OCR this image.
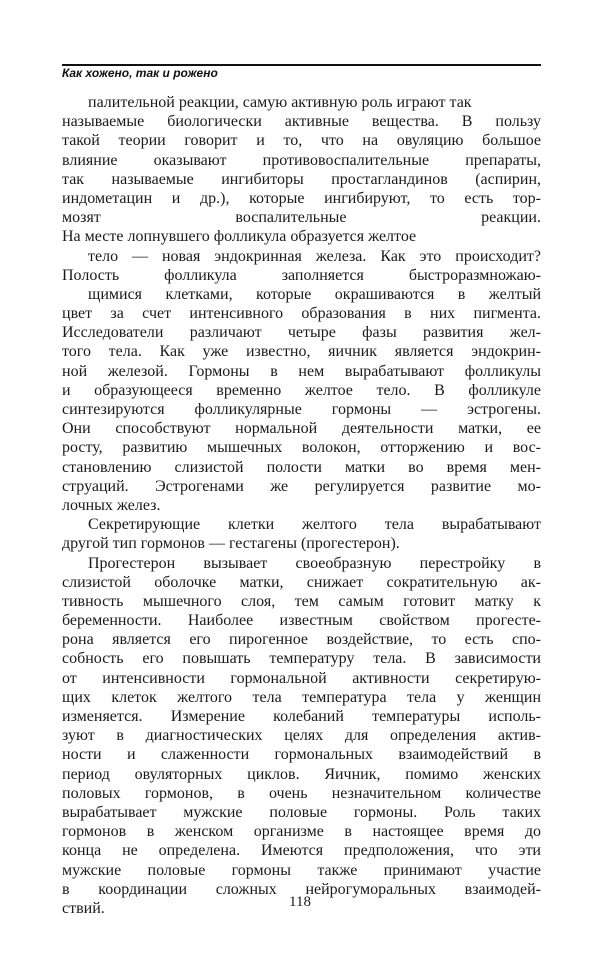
Как хожено, так и рожено
палительной реакции, самую активную роль играют так
называемые биологически активные вещества. В пользу
такой теории говорит и то, что на овуляцию большое
влияние оказывают противовоспалительные препараты,
так называемые ингибиторы простагландинов (аспирин,
индометацин и др.), которые ингибируют, то есть тор-
мозят воспалительные реакции.
На месте лопнувшего фолликула образуется желтое
тело — новая эндокринная железа. Как это происходит?
Полость фолликула заполняется быстроразмножаю-
щимися клетками, которые окрашиваются в желтый
цвет за счет интенсивного образования в них пигмента.
Исследователи различают четыре фазы развития жел-
того тела. Как уже известно, яичник является эндокрин-
ной железой. Гормоны в нем вырабатывают фолликулы
и образующееся временно желтое тело. В фолликуле
синтезируются фолликулярные гормоны — эстрогены.
Они способствуют нормальной деятельности матки, ее
росту, развитию мышечных волокон, отторжению и вос-
становлению слизистой полости матки во время мен-
струаций. Эстрогенами же регулируется развитие мо-
лочных желез.
Секретирующие клетки желтого тела вырабатывают
другой тип гормонов — гестагены (прогестерон).
Прогестерон вызывает своеобразную перестройку в
слизистой оболочке матки, снижает сократительную ак-
тивность мышечного слоя, тем самым готовит матку к
беременности. Наиболее известным свойством прогесте-
рона является его пирогенное воздействие, то есть спо-
собность его повышать температуру тела. В зависимости
от интенсивности гормональной активности секретирую-
щих клеток желтого тела температура тела у женщин
изменяется. Измерение колебаний температуры исполь-
зуют в диагностических целях для определения актив-
ности и слаженности гормональных взаимодействий в
период овуляторных циклов. Яичник, помимо женских
половых гормонов, в очень незначительном количестве
вырабатывает мужские половые гормоны. Роль таких
гормонов в женском организме в настоящее время до
конца не определена. Имеются предположения, что эти
мужские половые гормоны также принимают участие
в координации сложных нейрогуморальных взаимодей-
ствий.	118
